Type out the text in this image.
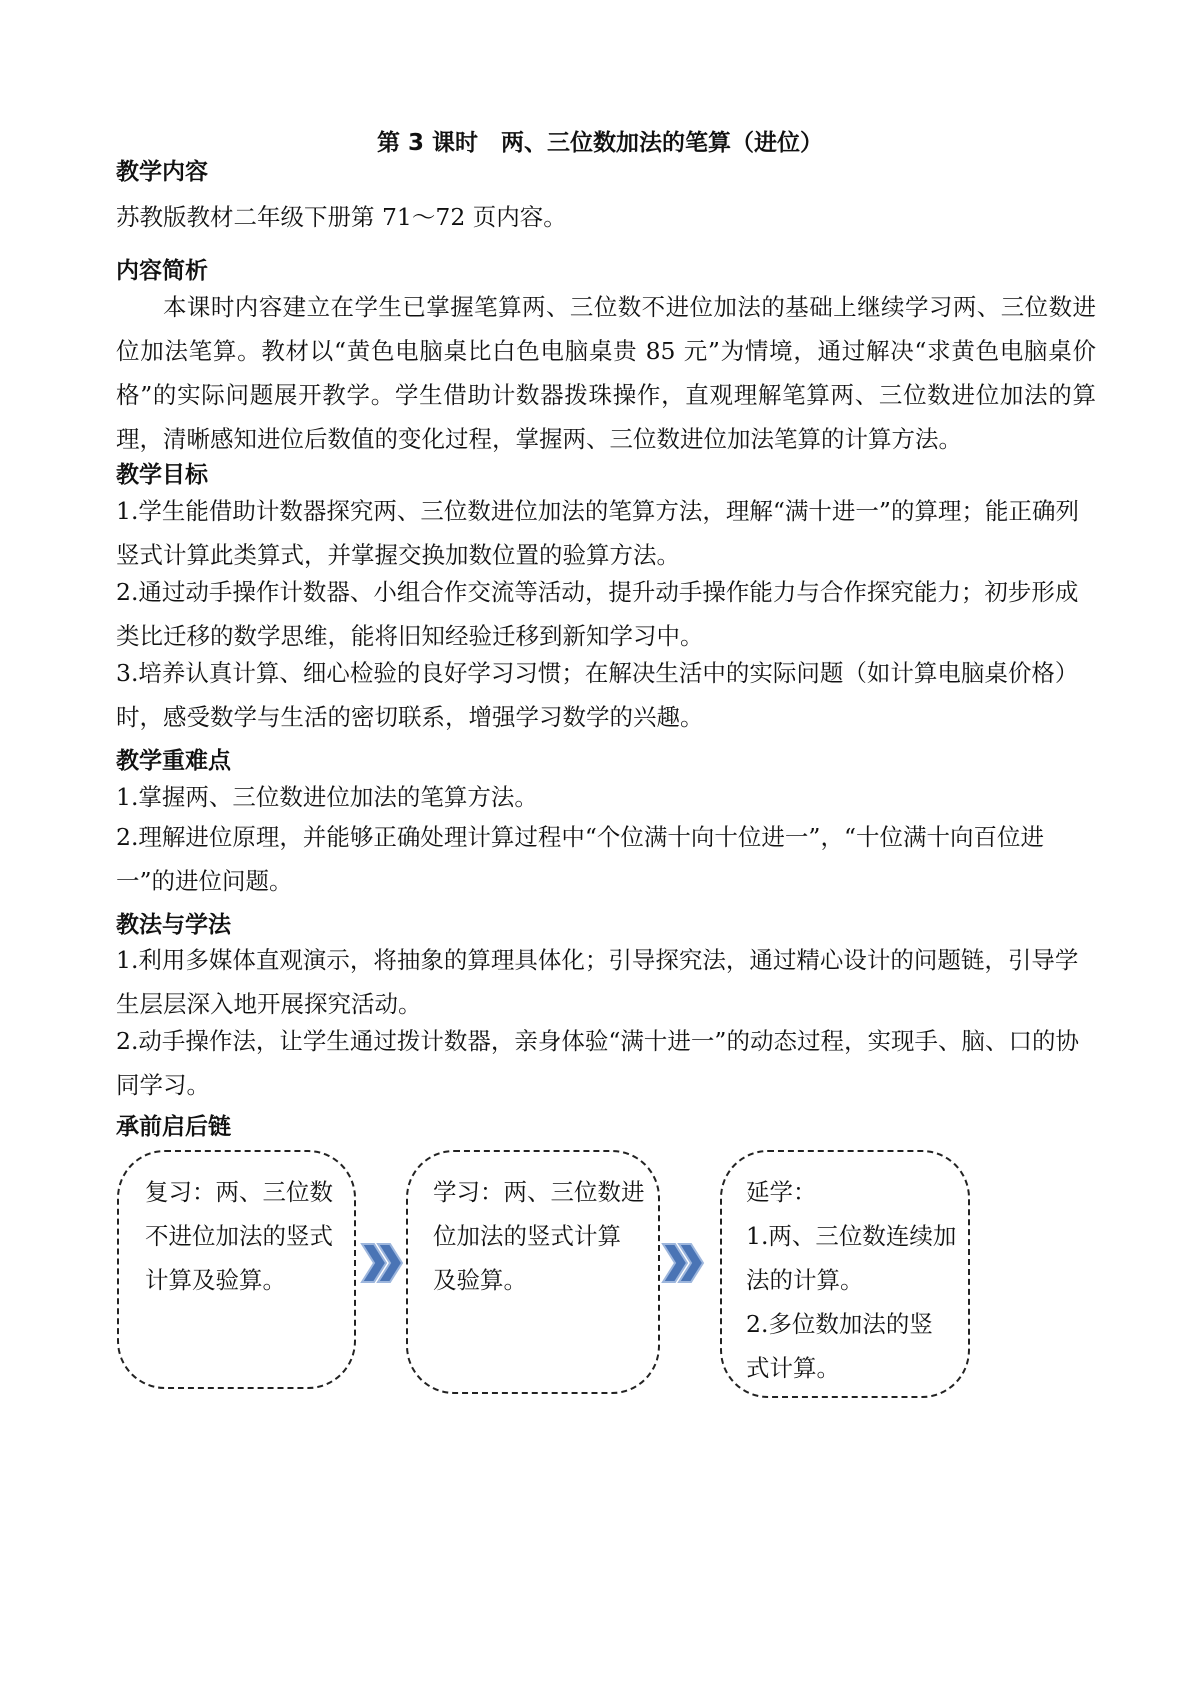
第 3 课时　两、三位数加法的笔算（进位）
教学内容
苏教版教材二年级下册第 71～72 页内容。
内容简析
本课时内容建立在学生已掌握笔算两、三位数不进位加法的基础上继续学习两、三位数进位加法笔算。教材以“黄色电脑桌比白色电脑桌贵 85 元”为情境，通过解决“求黄色电脑桌价格”的实际问题展开教学。学生借助计数器拨珠操作，直观理解笔算两、三位数进位加法的算理，清晰感知进位后数值的变化过程，掌握两、三位数进位加法笔算的计算方法。
教学目标
1.学生能借助计数器探究两、三位数进位加法的笔算方法，理解“满十进一”的算理；能正确列竖式计算此类算式，并掌握交换加数位置的验算方法。
2.通过动手操作计数器、小组合作交流等活动，提升动手操作能力与合作探究能力；初步形成类比迁移的数学思维，能将旧知经验迁移到新知学习中。
3.培养认真计算、细心检验的良好学习习惯；在解决生活中的实际问题（如计算电脑桌价格）时，感受数学与生活的密切联系，增强学习数学的兴趣。
教学重难点
1.掌握两、三位数进位加法的笔算方法。
2.理解进位原理，并能够正确处理计算过程中“个位满十向十位进一”，“十位满十向百位进一”的进位问题。
教法与学法
1.利用多媒体直观演示，将抽象的算理具体化；引导探究法，通过精心设计的问题链，引导学生层层深入地开展探究活动。
2.动手操作法，让学生通过拨计数器，亲身体验“满十进一”的动态过程，实现手、脑、口的协同学习。
承前启后链
复习：两、三位数
不进位加法的竖式
计算及验算。
学习：两、三位数进
位加法的竖式计算
及验算。
延学：
1.两、三位数连续加
法的计算。
2.多位数加法的竖
式计算。
